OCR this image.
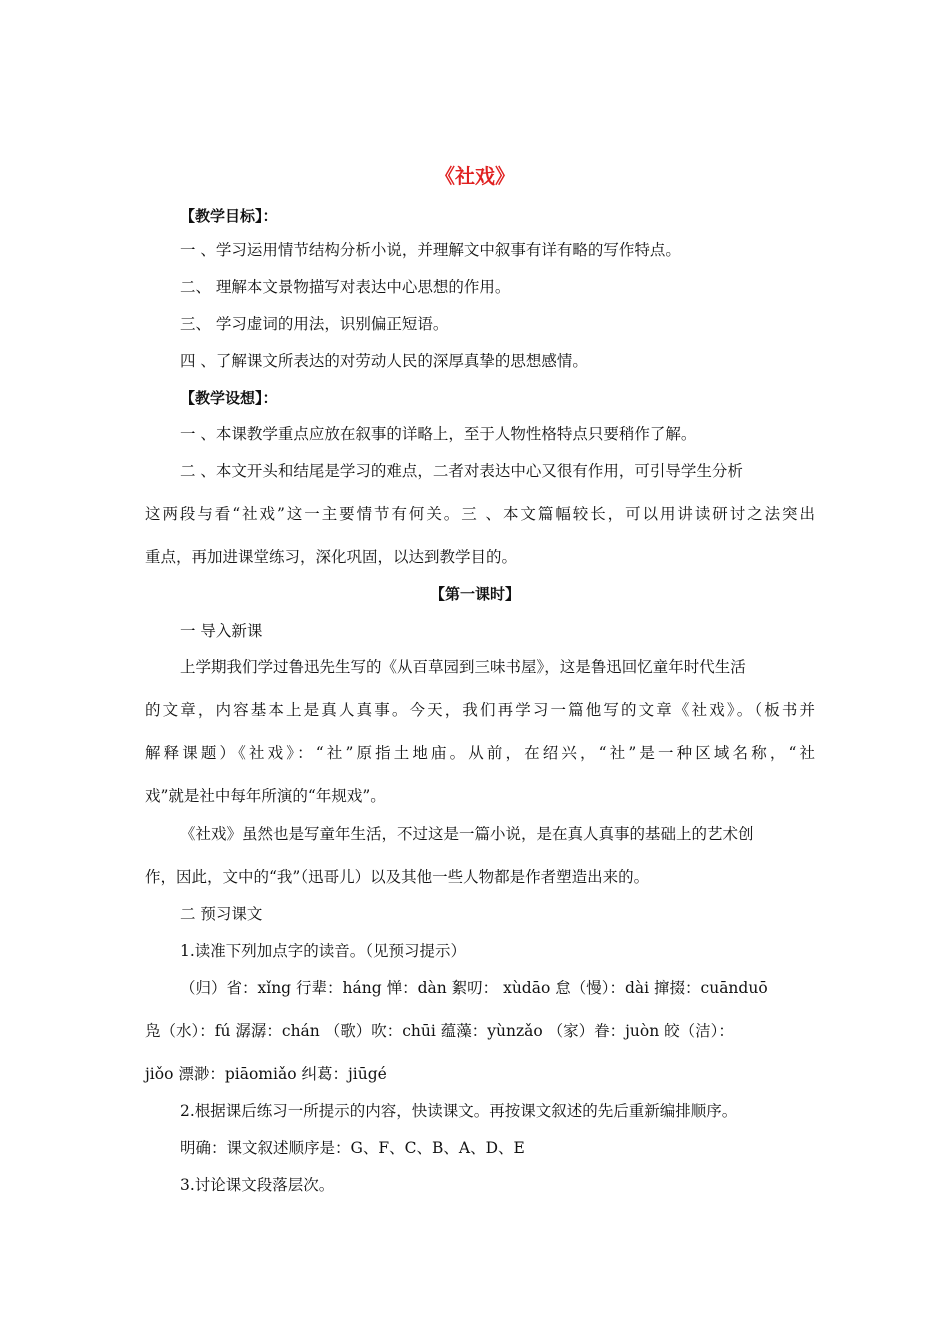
《社戏》
【教学目标】：
一 、学习运用情节结构分析小说，并理解文中叙事有详有略的写作特点。
二、 理解本文景物描写对表达中心思想的作用。
三、 学习虚词的用法，识别偏正短语。
四 、了解课文所表达的对劳动人民的深厚真挚的思想感情。
【教学设想】：
一 、本课教学重点应放在叙事的详略上，至于人物性格特点只要稍作了解。
二 、本文开头和结尾是学习的难点，二者对表达中心又很有作用，可引导学生分析
这两段与看“社戏”这一主要情节有何关。三 、本文篇幅较长，可以用讲读研讨之法突出
重点，再加进课堂练习，深化巩固，以达到教学目的。
【第一课时】
一 导入新课
上学期我们学过鲁迅先生写的《从百草园到三味书屋》，这是鲁迅回忆童年时代生活
的文章，内容基本上是真人真事。今天，我们再学习一篇他写的文章《社戏》。（板书并
解释课题）《社戏》：“社”原指土地庙。从前，在绍兴，“社”是一种区域名称，“社
戏”就是社中每年所演的“年规戏”。
《社戏》虽然也是写童年生活，不过这是一篇小说，是在真人真事的基础上的艺术创
作，因此，文中的“我”（迅哥儿）以及其他一些人物都是作者塑造出来的。
二 预习课文
1.读准下列加点字的读音。（见预习提示）
（归）省：xǐng 行辈：háng 惮：dàn 絮叨： xùdāo 怠（慢）：dài 撺掇：cuānduō
凫（水）：fú 潺潺：chán （歌）吹：chūi 蕴藻：yùnzǎo （家）眷：juòn 皎（洁）：
jiǒo 漂渺：piāomiǎo 纠葛：jiūgé
2.根据课后练习一所提示的内容，快读课文。再按课文叙述的先后重新编排顺序。
明确：课文叙述顺序是：G、F、C、B、A、D、E
3.讨论课文段落层次。
